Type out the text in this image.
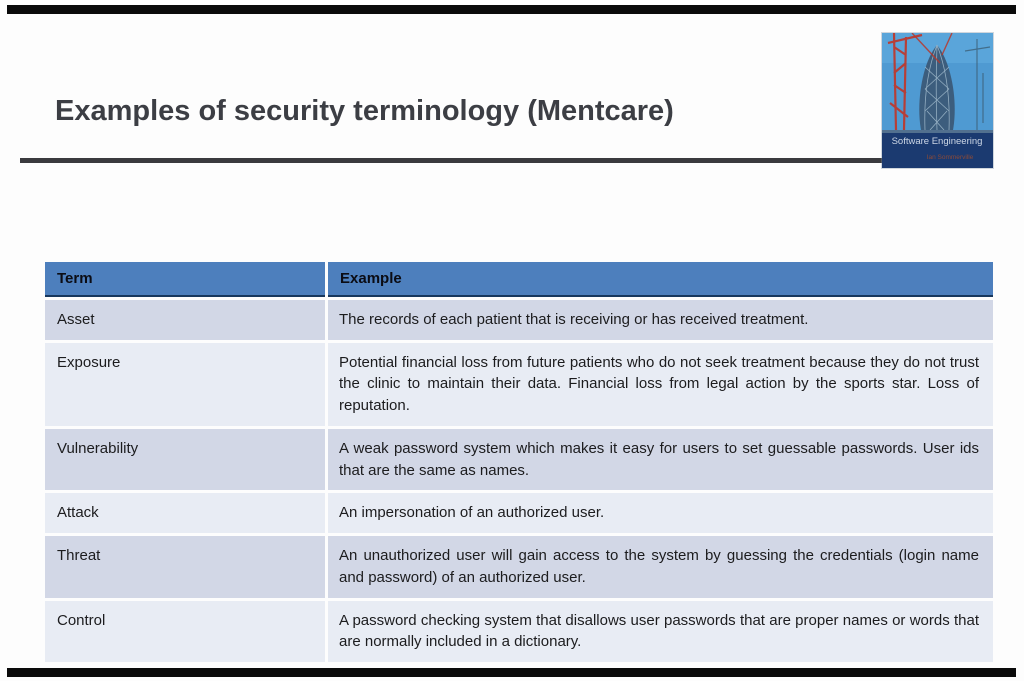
Examples of security terminology (Mentcare)
Software Engineering
Ian Sommerville
Term	Example
Asset	The records of each patient that is receiving or has received treatment.
Exposure	Potential financial loss from future patients who do not seek treatment because they do not trust the clinic to maintain their data. Financial loss from legal action by the sports star. Loss of reputation.
Vulnerability	A weak password system which makes it easy for users to set guessable passwords. User ids that are the same as names.
Attack	An impersonation of an authorized user.
Threat	An unauthorized user will gain access to the system by guessing the credentials (login name and password) of an authorized user.
Control	A password checking system that disallows user passwords that are proper names or words that are normally included in a dictionary.
